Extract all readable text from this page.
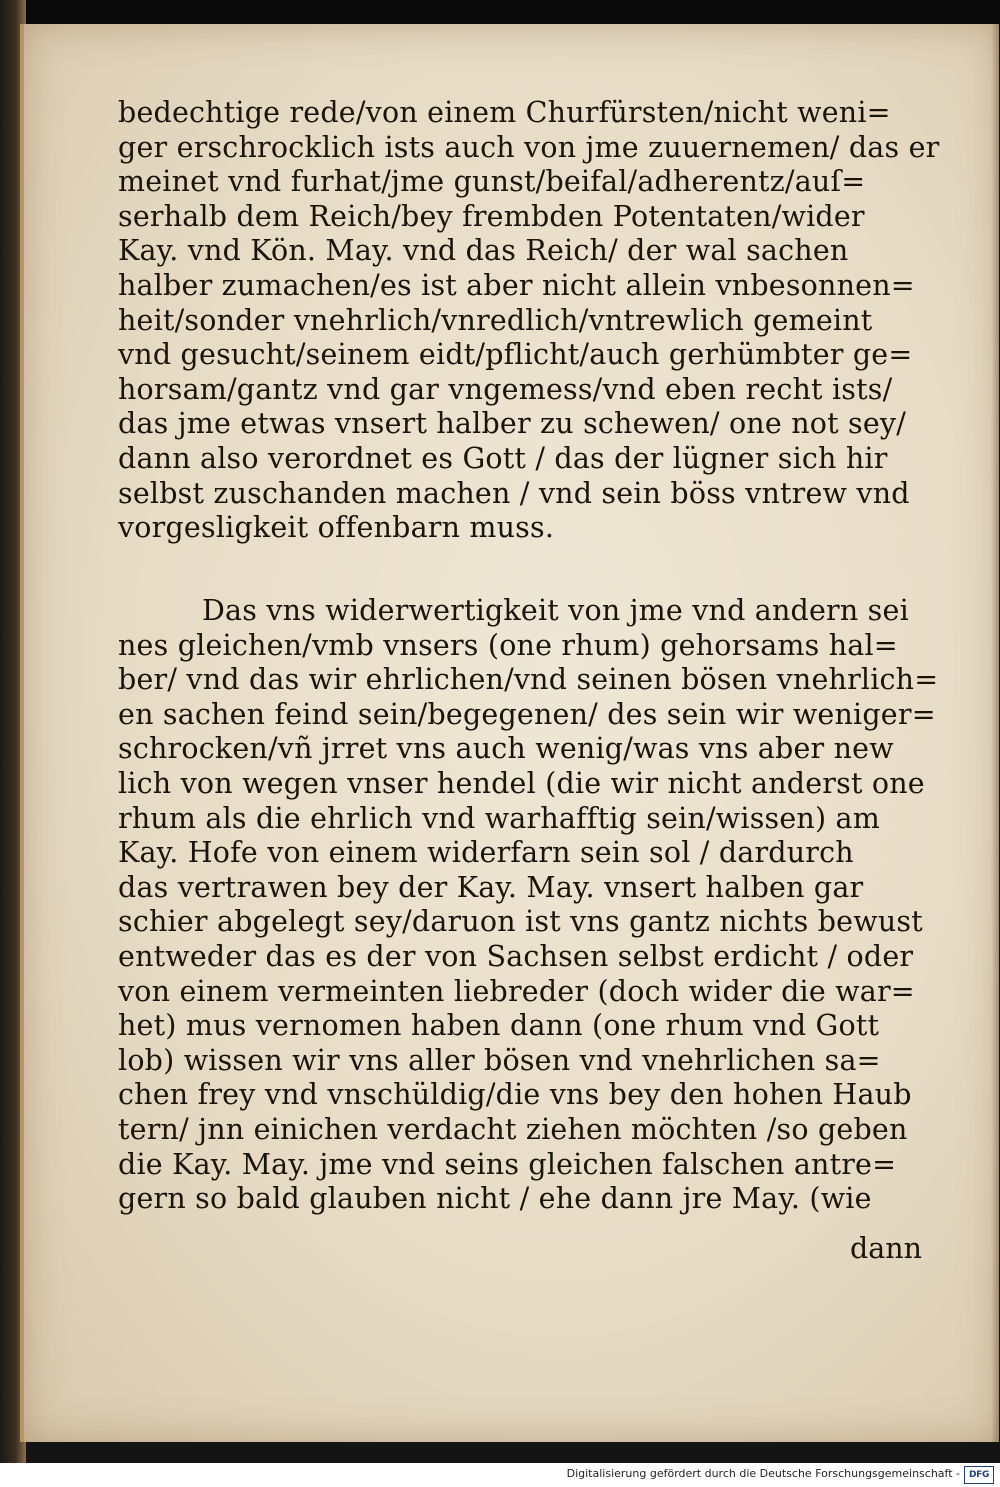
bedechtige rede/von einem Churfürsten/nicht weni=
ger erschrocklich ists auch von jme zuuernemen/ das er
meinet vnd furhat/jme gunst/beifal/adherentz/auſ=
serhalb dem Reich/bey frembden Potentaten/wider
Kay. vnd Kön. May. vnd das Reich/ der wal sachen
halber zumachen/es ist aber nicht allein vnbesonnen=
heit/sonder vnehrlich/vnredlich/vntrewlich gemeint
vnd gesucht/seinem eidt/pflicht/auch gerhümbter ge=
horsam/gantz vnd gar vngemess/vnd eben recht ists/
das jme etwas vnsert halber zu schewen/ one not sey/
dann also verordnet es Gott / das der lügner sich hir
selbst zuschanden machen / vnd sein böss vntrew vnd
vorgesligkeit offenbarn muss.
Das vns widerwertigkeit von jme vnd andern sei
nes gleichen/vmb vnsers (one rhum) gehorsams hal=
ber/ vnd das wir ehrlichen/vnd seinen bösen vnehrlich=
en sachen feind sein/begegenen/ des sein wir weniger=
schrocken/vñ jrret vns auch wenig/was vns aber new
lich von wegen vnser hendel (die wir nicht anderst one
rhum als die ehrlich vnd warhafftig sein/wissen) am
Kay. Hofe von einem widerfarn sein sol / dardurch
das vertrawen bey der Kay. May. vnsert halben gar
schier abgelegt sey/daruon ist vns gantz nichts bewust
entweder das es der von Sachsen selbst erdicht / oder
von einem vermeinten liebreder (doch wider die war=
het) mus vernomen haben dann (one rhum vnd Gott
lob) wissen wir vns aller bösen vnd vnehrlichen sa=
chen frey vnd vnschüldig/die vns bey den hohen Haub
tern/ jnn einichen verdacht ziehen möchten /so geben
die Kay. May. jme vnd seins gleichen falschen antre=
gern so bald glauben nicht / ehe dann jre May. (wie
dann
Digitalisierung gefördert durch die Deutsche Forschungsgemeinschaft - DFG
